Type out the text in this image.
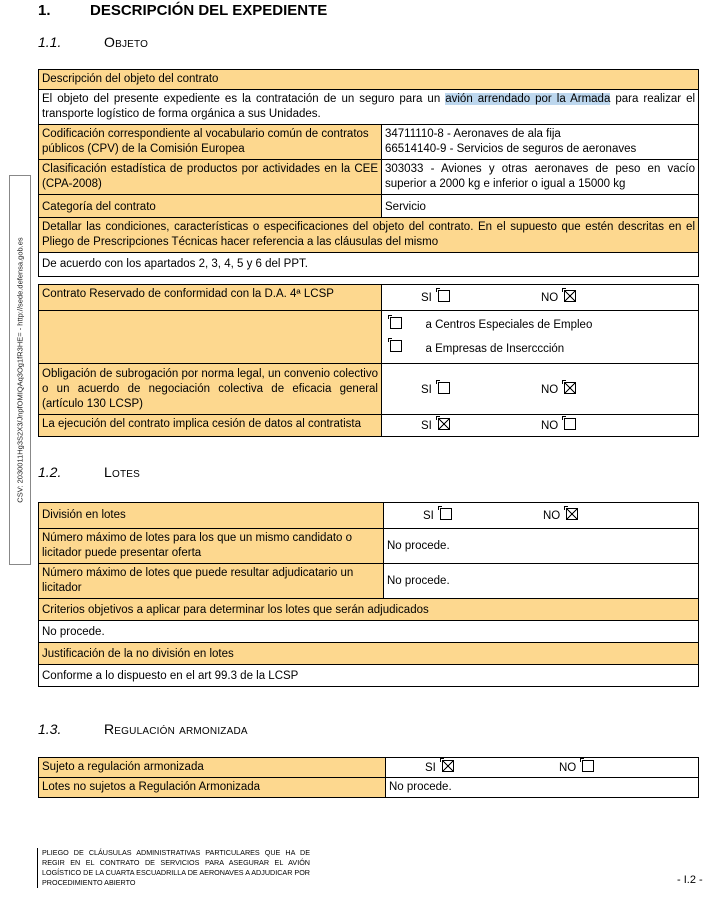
CSV: 2030011Hg3S2X3/JnpfOMIQAq3Og1fR3HE= - http://sede.defensa.gob.es
1.	DESCRIPCIÓN DEL EXPEDIENTE
1.1.	Objeto
Descripción del objeto del contrato	
El objeto del presente expediente es la contratación de un seguro para un avión arrendado por la Armada para realizar el transporte logístico de forma orgánica a sus Unidades.	
Codificación correspondiente al vocabulario común de contratos públicos (CPV) de la Comisión Europea	34711110-8 - Aeronaves de ala fija
66514140-9 - Servicios de seguros de aeronaves

Clasificación estadística de productos por actividades en la CEE (CPA-2008)	303033 - Aviones y otras aeronaves de peso en vacío superior a 2000 kg e inferior o igual a 15000 kg
Categoría del contrato	Servicio
Detallar las condiciones, características o especificaciones del objeto del contrato. En el supuesto que estén descritas en el Pliego de Prescripciones Técnicas hacer referencia a las cláusulas del mismo	
De acuerdo con los apartados 2, 3, 4, 5 y 6 del PPT.	
Contrato Reservado de conformidad con la D.A. 4ª LCSP	SI NO	

		a Centros Especiales de Empleo
a Empresas de Inserccción

Obligación de subrogación por norma legal, un convenio colectivo o un acuerdo de negociación colectiva de eficacia general (artículo 130 LCSP)	SI NO	

La ejecución del contrato implica cesión de datos al contratista	SI NO	

1.2.	Lotes
División en lotes	SI NO

Número máximo de lotes para los que un mismo candidato o licitador puede presentar oferta	No procede.
Número máximo de lotes que puede resultar adjudicatario un licitador	No procede.
Criterios objetivos a aplicar para determinar los lotes que serán adjudicados	
No procede.	
Justificación de la no división en lotes	
Conforme a lo dispuesto en el art 99.3 de la LCSP	
1.3.	Regulación armonizada
Sujeto a regulación armonizada	SI NO

Lotes no sujetos a Regulación Armonizada	No procede.
PLIEGO DE CLÁUSULAS ADMINISTRATIVAS PARTICULARES QUE HA DE REGIR EN EL CONTRATO DE SERVICIOS PARA ASEGURAR EL AVIÓN LOGÍSTICO DE LA CUARTA ESCUADRILLA DE AERONAVES A ADJUDICAR POR PROCEDIMIENTO ABIERTO	- I.2 -
